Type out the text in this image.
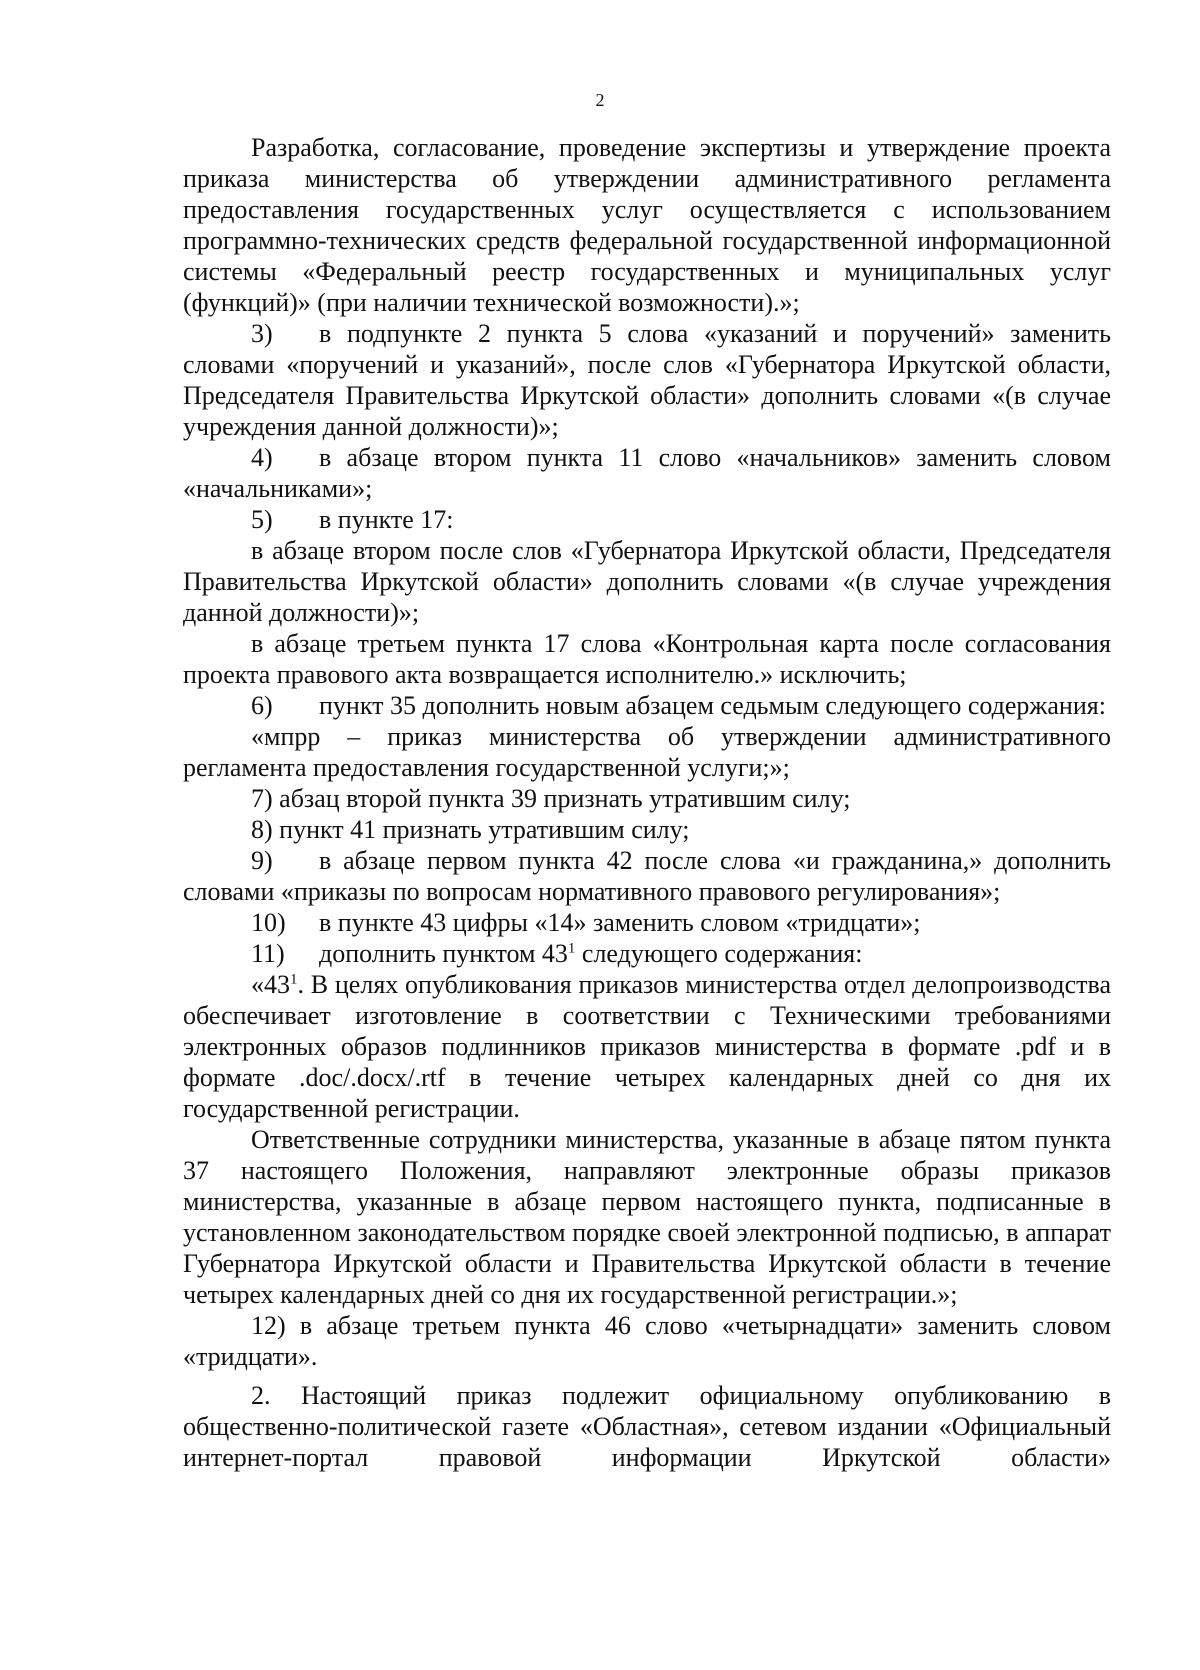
2

Разработка, согласование, проведение экспертизы и утверждение проекта приказа министерства об утверждении административного регламента предоставления государственных услуг осуществляется с использованием программно-технических средств федеральной государственной информационной системы «Федеральный реестр государственных и муниципальных услуг (функций)» (при наличии технической возможности).»;

3) в подпункте 2 пункта 5 слова «указаний и поручений» заменить словами «поручений и указаний», после слов «Губернатора Иркутской области, Председателя Правительства Иркутской области» дополнить словами «(в случае учреждения данной должности)»;

4) в абзаце втором пункта 11 слово «начальников» заменить словом «начальниками»;

5) в пункте 17:

в абзаце втором после слов «Губернатора Иркутской области, Председателя Правительства Иркутской области» дополнить словами «(в случае учреждения данной должности)»;

в абзаце третьем пункта 17 слова «Контрольная карта после согласования проекта правового акта возвращается исполнителю.» исключить;

6) пункт 35 дополнить новым абзацем седьмым следующего содержания:

«мпрр – приказ министерства об утверждении административного регламента предоставления государственной услуги;»;

7) абзац второй пункта 39 признать утратившим силу;

8) пункт 41 признать утратившим силу;

9) в абзаце первом пункта 42 после слова «и гражданина,» дополнить словами «приказы по вопросам нормативного правового регулирования»;

10) в пункте 43 цифры «14» заменить словом «тридцати»;

11) дополнить пунктом $43^1$ следующего содержания:

«$43^1$. В целях опубликования приказов министерства отдел делопроизводства обеспечивает изготовление в соответствии с Техническими требованиями электронных образов подлинников приказов министерства в формате .pdf и в формате .doc/.docx/.rtf в течение четырех календарных дней со дня их государственной регистрации.

Ответственные сотрудники министерства, указанные в абзаце пятом пункта 37 настоящего Положения, направляют электронные образы приказов министерства, указанные в абзаце первом настоящего пункта, подписанные в установленном законодательством порядке своей электронной подписью, в аппарат Губернатора Иркутской области и Правительства Иркутской области в течение четырех календарных дней со дня их государственной регистрации.»;

12) в абзаце третьем пункта 46 слово «четырнадцати» заменить словом «тридцати».

2. Настоящий приказ подлежит официальному опубликованию в общественно-политической газете «Областная», сетевом издании «Официальный интернет-портал правовой информации Иркутской области»
